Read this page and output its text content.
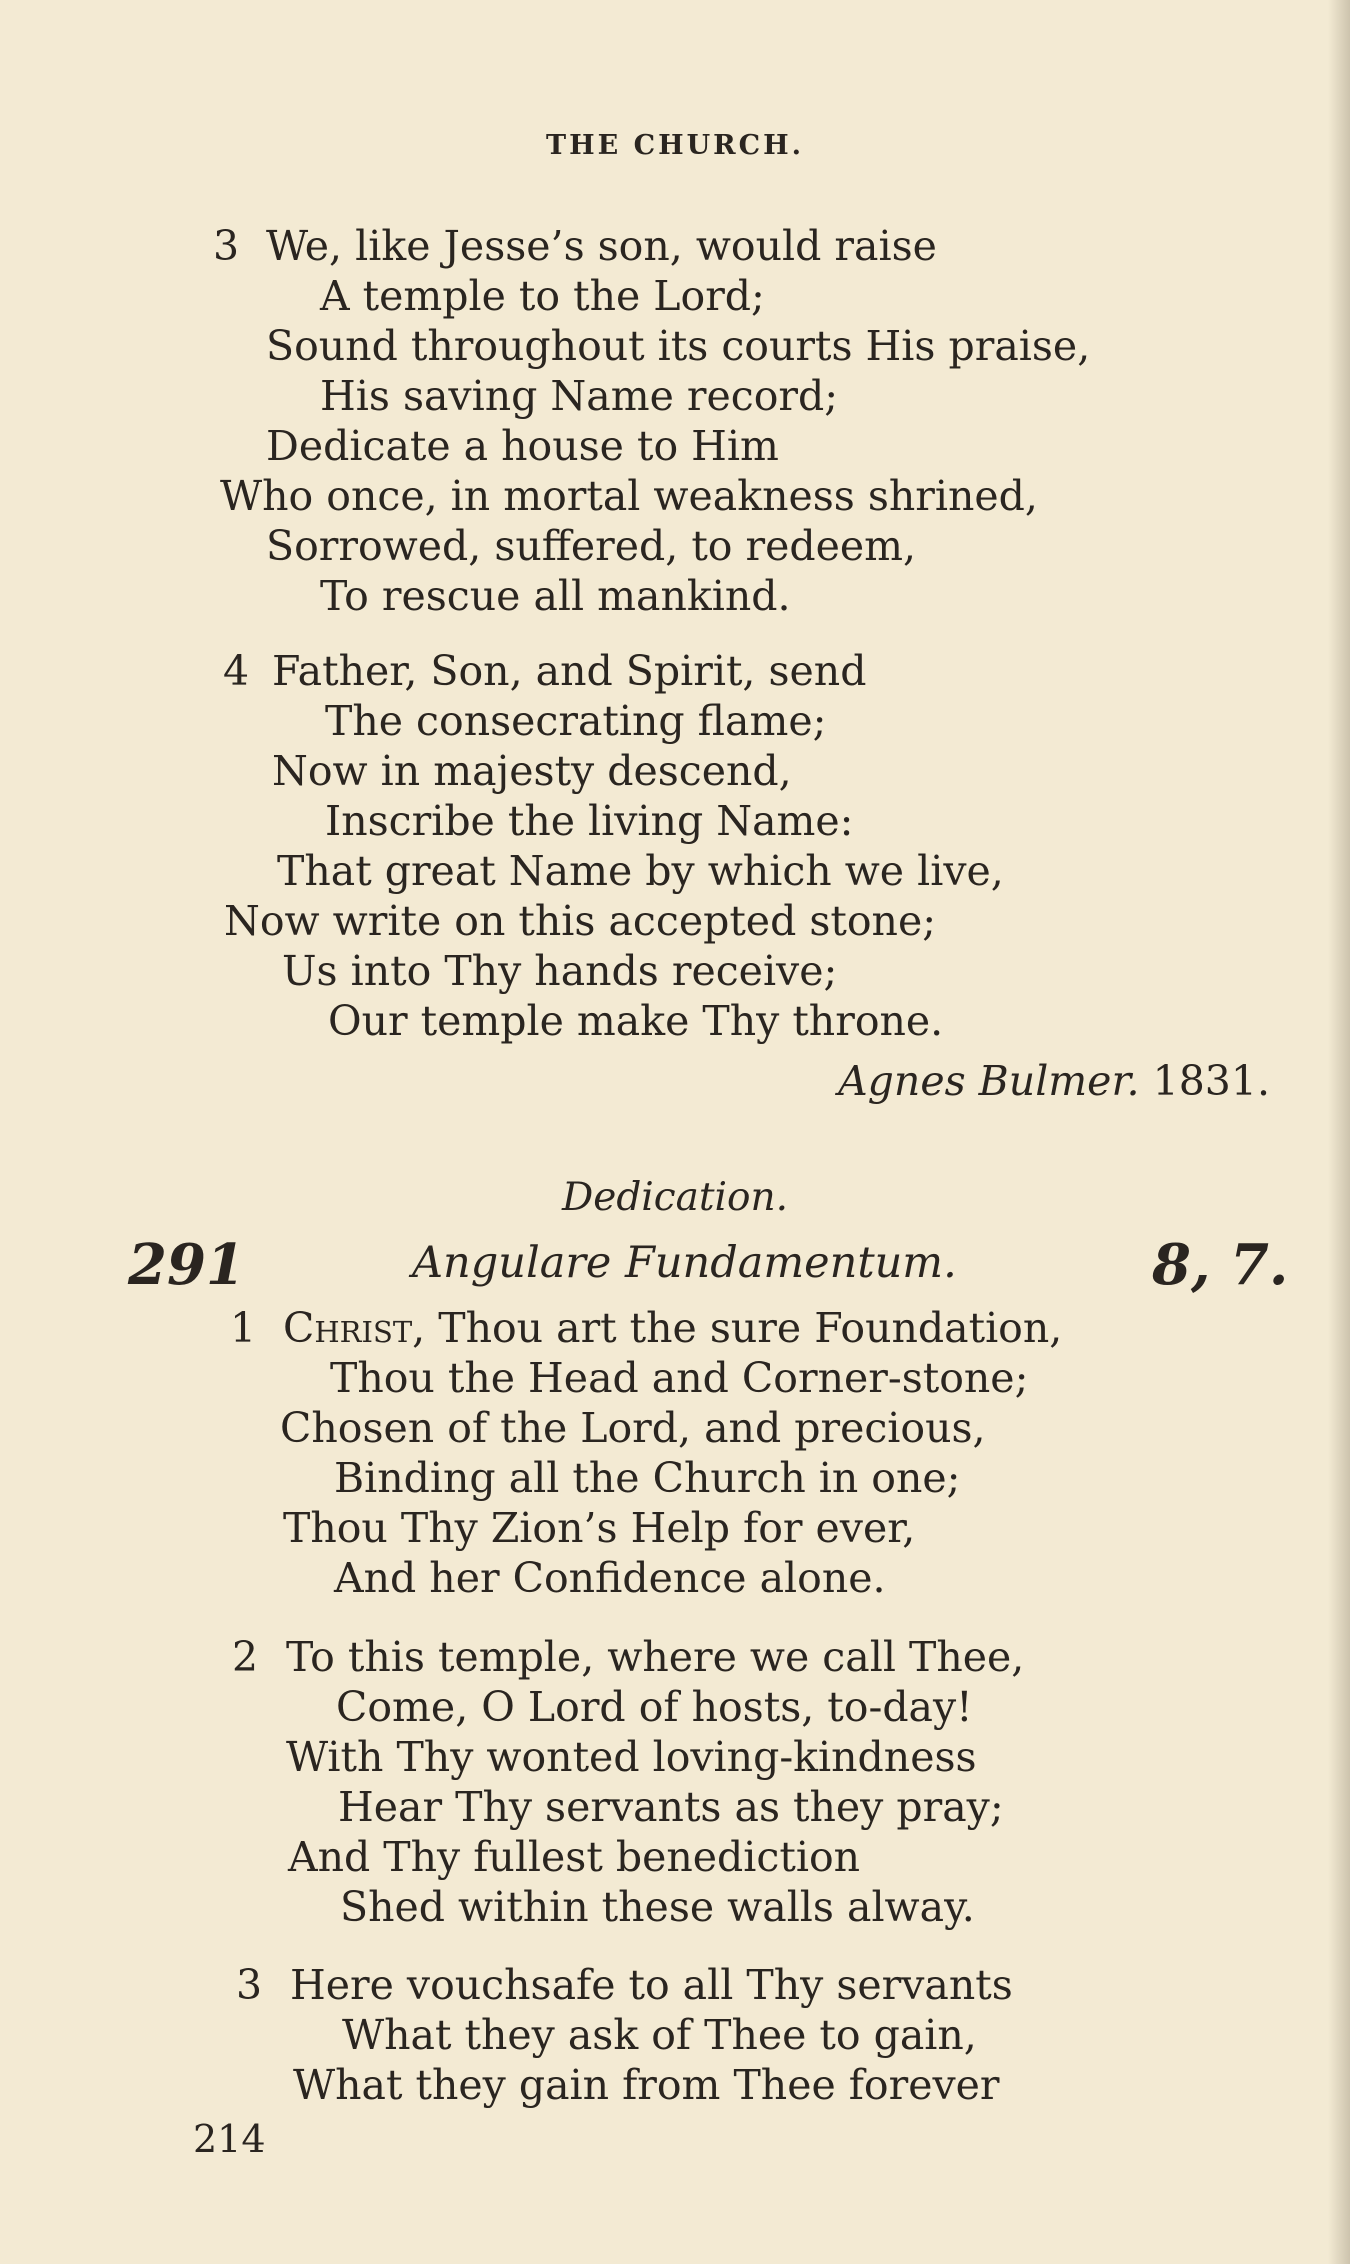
THE CHURCH.
3 We, like Jesse’s son, would raise
A temple to the Lord;
Sound throughout its courts His praise,
His saving Name record;
Dedicate a house to Him
Who once, in mortal weakness shrined,
Sorrowed, suffered, to redeem,
To rescue all mankind.
4 Father, Son, and Spirit, send
The consecrating flame;
Now in majesty descend,
Inscribe the living Name:
That great Name by which we live,
Now write on this accepted stone;
Us into Thy hands receive;
Our temple make Thy throne.
Agnes Bulmer. 1831.
Dedication.
291	Angulare Fundamentum.	8, 7.
1 Christ, Thou art the sure Foundation,
Thou the Head and Corner-stone;
Chosen of the Lord, and precious,
Binding all the Church in one;
Thou Thy Zion’s Help for ever,
And her Confidence alone.
2 To this temple, where we call Thee,
Come, O Lord of hosts, to-day!
With Thy wonted loving-kindness
Hear Thy servants as they pray;
And Thy fullest benediction
Shed within these walls alway.
3 Here vouchsafe to all Thy servants
What they ask of Thee to gain,
What they gain from Thee forever
214
